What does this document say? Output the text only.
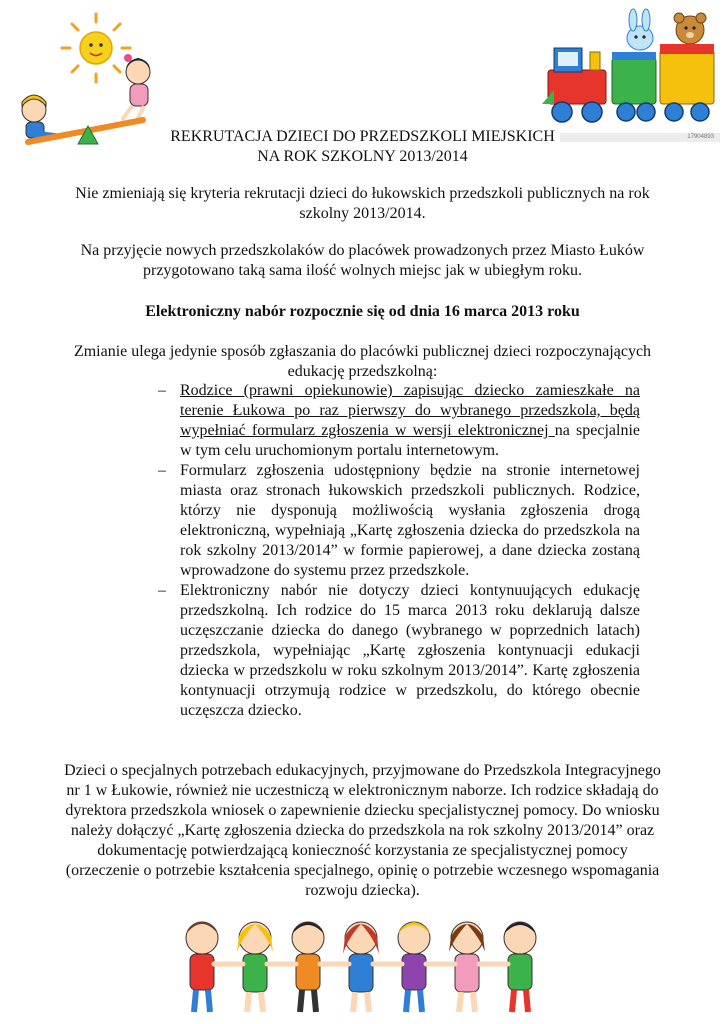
17904893
REKRUTACJA DZIECI DO PRZEDSZKOLI MIEJSKICH
NA ROK SZKOLNY 2013/2014
Nie zmieniają się kryteria rekrutacji dzieci do łukowskich przedszkoli publicznych na rok szkolny 2013/2014.
Na przyjęcie nowych przedszkolaków do placówek prowadzonych przez Miasto Łuków przygotowano taką sama ilość wolnych miejsc jak w ubiegłym roku.
Elektroniczny nabór rozpocznie się od dnia 16 marca 2013 roku
Zmianie ulega jedynie sposób zgłaszania do placówki publicznej dzieci rozpoczynających edukację przedszkolną:
– Rodzice (prawni opiekunowie) zapisując dziecko zamieszkałe na terenie Łukowa po raz pierwszy do wybranego przedszkola, będą wypełniać formularz zgłoszenia w wersji elektronicznej na specjalnie w tym celu uruchomionym portalu internetowym.
– Formularz zgłoszenia udostępniony będzie na stronie internetowej miasta oraz stronach łukowskich przedszkoli publicznych. Rodzice, którzy nie dysponują możliwością wysłania zgłoszenia drogą elektroniczną, wypełniają „Kartę zgłoszenia dziecka do przedszkola na rok szkolny 2013/2014” w formie papierowej, a dane dziecka zostaną wprowadzone do systemu przez przedszkole.
– Elektroniczny nabór nie dotyczy dzieci kontynuujących edukację przedszkolną. Ich rodzice do 15 marca 2013 roku deklarują dalsze uczęszczanie dziecka do danego (wybranego w poprzednich latach) przedszkola, wypełniając „Kartę zgłoszenia kontynuacji edukacji dziecka w przedszkolu w roku szkolnym 2013/2014”. Kartę zgłoszenia kontynuacji otrzymują rodzice w przedszkolu, do którego obecnie uczęszcza dziecko.
Dzieci o specjalnych potrzebach edukacyjnych, przyjmowane do Przedszkola Integracyjnego nr 1 w Łukowie, również nie uczestniczą w elektronicznym naborze. Ich rodzice składają do dyrektora przedszkola wniosek o zapewnienie dziecku specjalistycznej pomocy. Do wniosku należy dołączyć „Kartę zgłoszenia dziecka do przedszkola na rok szkolny 2013/2014” oraz dokumentację potwierdzającą konieczność korzystania ze specjalistycznej pomocy (orzeczenie o potrzebie kształcenia specjalnego, opinię o potrzebie wczesnego wspomagania rozwoju dziecka).
